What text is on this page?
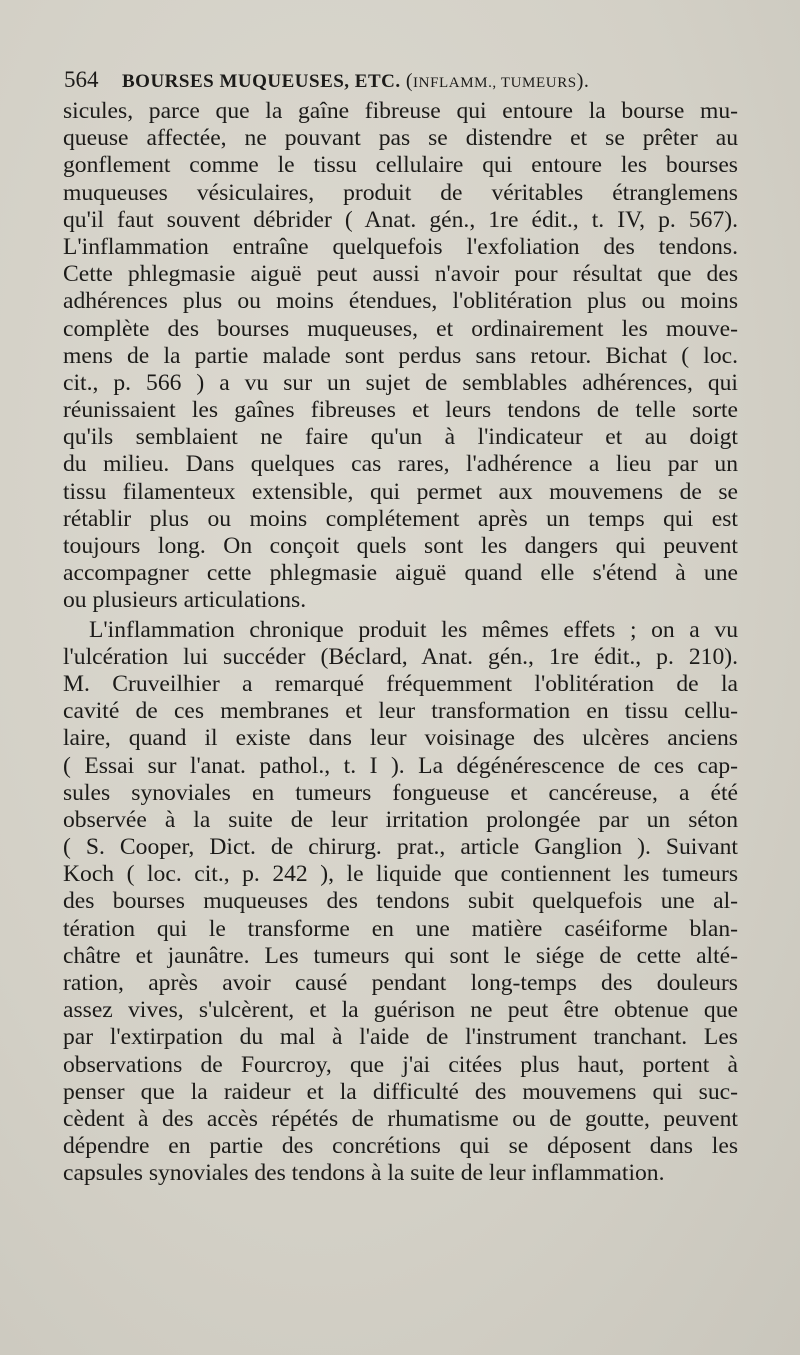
564 BOURSES MUQUEUSES, ETC. (INFLAMM., TUMEURS).
sicules, parce que la gaîne fibreuse qui entoure la bourse mu-
queuse affectée, ne pouvant pas se distendre et se prêter au
gonflement comme le tissu cellulaire qui entoure les bourses
muqueuses vésiculaires, produit de véritables étranglemens
qu'il faut souvent débrider ( Anat. gén., 1re édit., t. IV, p. 567).
L'inflammation entraîne quelquefois l'exfoliation des tendons.
Cette phlegmasie aiguë peut aussi n'avoir pour résultat que des
adhérences plus ou moins étendues, l'oblitération plus ou moins
complète des bourses muqueuses, et ordinairement les mouve-
mens de la partie malade sont perdus sans retour. Bichat ( loc.
cit., p. 566 ) a vu sur un sujet de semblables adhérences, qui
réunissaient les gaînes fibreuses et leurs tendons de telle sorte
qu'ils semblaient ne faire qu'un à l'indicateur et au doigt
du milieu. Dans quelques cas rares, l'adhérence a lieu par un
tissu filamenteux extensible, qui permet aux mouvemens de se
rétablir plus ou moins complétement après un temps qui est
toujours long. On conçoit quels sont les dangers qui peuvent
accompagner cette phlegmasie aiguë quand elle s'étend à une
ou plusieurs articulations.
L'inflammation chronique produit les mêmes effets ; on a vu
l'ulcération lui succéder (Béclard, Anat. gén., 1re édit., p. 210).
M. Cruveilhier a remarqué fréquemment l'oblitération de la
cavité de ces membranes et leur transformation en tissu cellu-
laire, quand il existe dans leur voisinage des ulcères anciens
( Essai sur l'anat. pathol., t. I ). La dégénérescence de ces cap-
sules synoviales en tumeurs fongueuse et cancéreuse, a été
observée à la suite de leur irritation prolongée par un séton
( S. Cooper, Dict. de chirurg. prat., article Ganglion ). Suivant
Koch ( loc. cit., p. 242 ), le liquide que contiennent les tumeurs
des bourses muqueuses des tendons subit quelquefois une al-
tération qui le transforme en une matière caséiforme blan-
châtre et jaunâtre. Les tumeurs qui sont le siége de cette alté-
ration, après avoir causé pendant long-temps des douleurs
assez vives, s'ulcèrent, et la guérison ne peut être obtenue que
par l'extirpation du mal à l'aide de l'instrument tranchant. Les
observations de Fourcroy, que j'ai citées plus haut, portent à
penser que la raideur et la difficulté des mouvemens qui suc-
cèdent à des accès répétés de rhumatisme ou de goutte, peuvent
dépendre en partie des concrétions qui se déposent dans les
capsules synoviales des tendons à la suite de leur inflammation.
